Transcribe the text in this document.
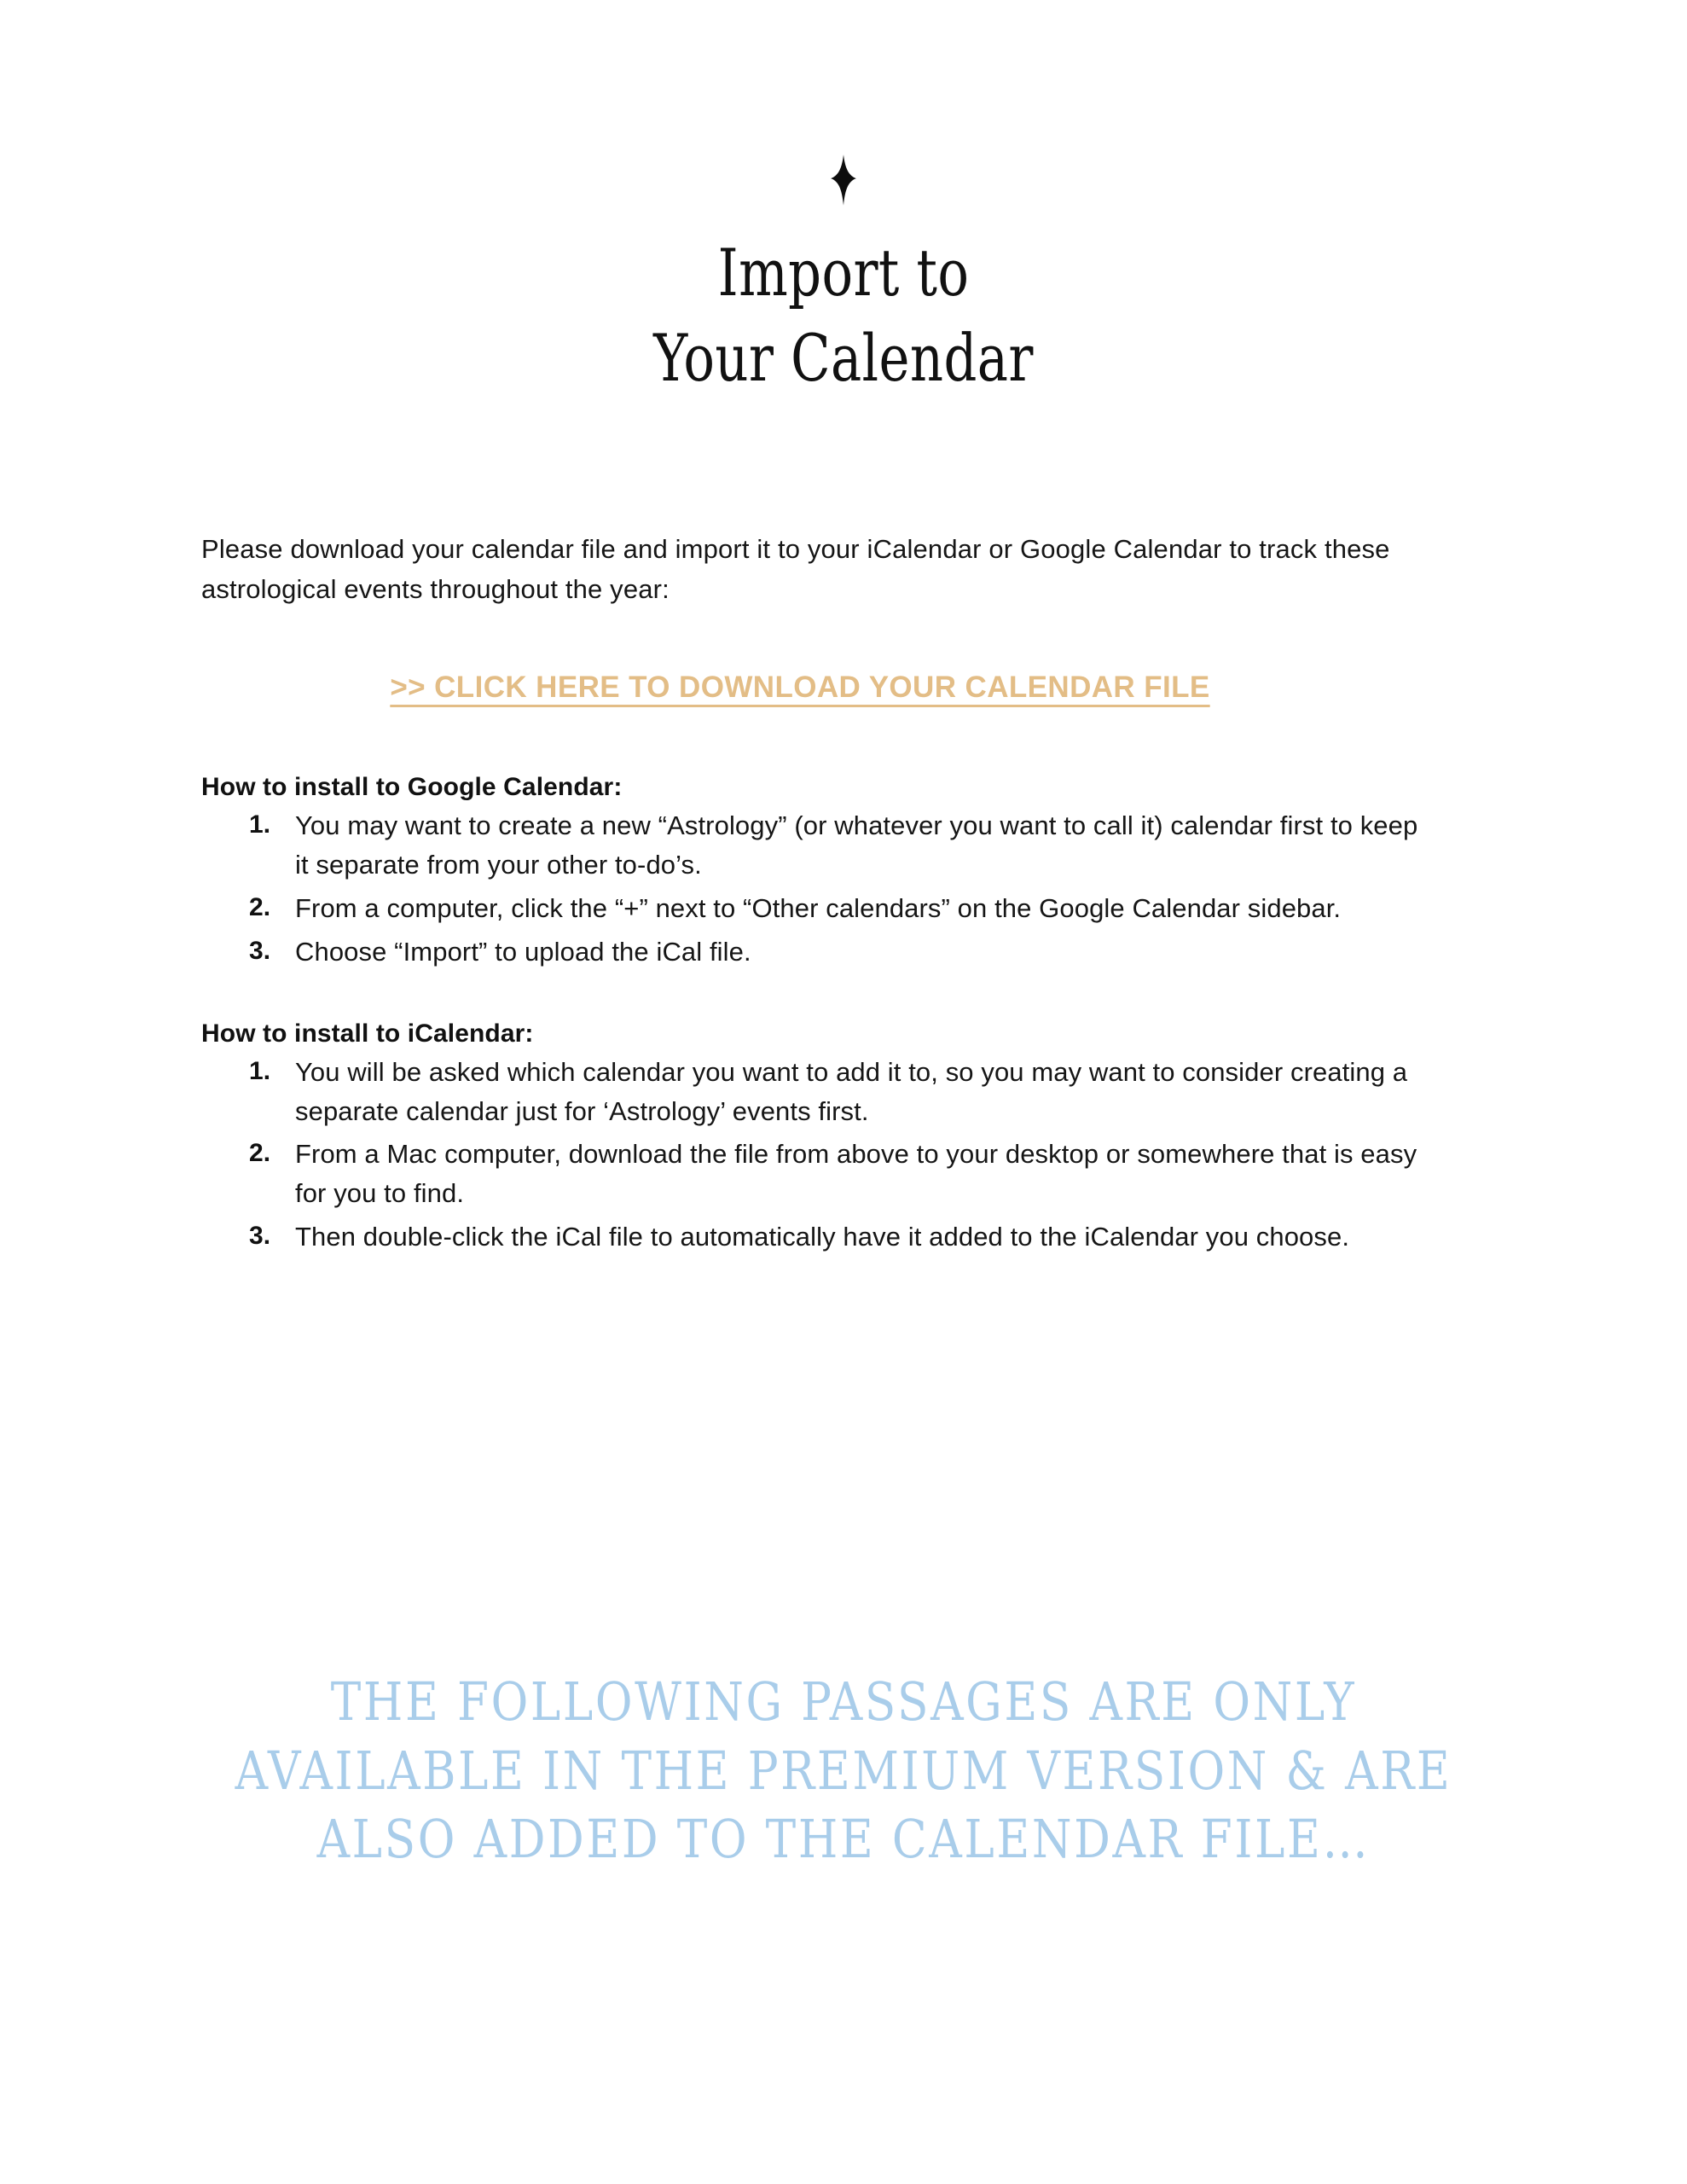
Import to
Your Calendar

Please download your calendar file and import it to your iCalendar or Google Calendar to track these astrological events throughout the year:

>> CLICK HERE TO DOWNLOAD YOUR CALENDAR FILE
How to install to Google Calendar:
You may want to create a new “Astrology” (or whatever you want to call it) calendar first to keep it separate from your other to-do’s.
From a computer, click the “+” next to “Other calendars” on the Google Calendar sidebar.
Choose “Import” to upload the iCal file.
How to install to iCalendar:
You will be asked which calendar you want to add it to, so you may want to consider creating a separate calendar just for ‘Astrology’ events first.
From a Mac computer, download the file from above to your desktop or somewhere that is easy for you to find.
Then double-click the iCal file to automatically have it added to the iCalendar you choose.
THE FOLLOWING PASSAGES ARE ONLY
AVAILABLE IN THE PREMIUM VERSION & ARE
ALSO ADDED TO THE CALENDAR FILE…
